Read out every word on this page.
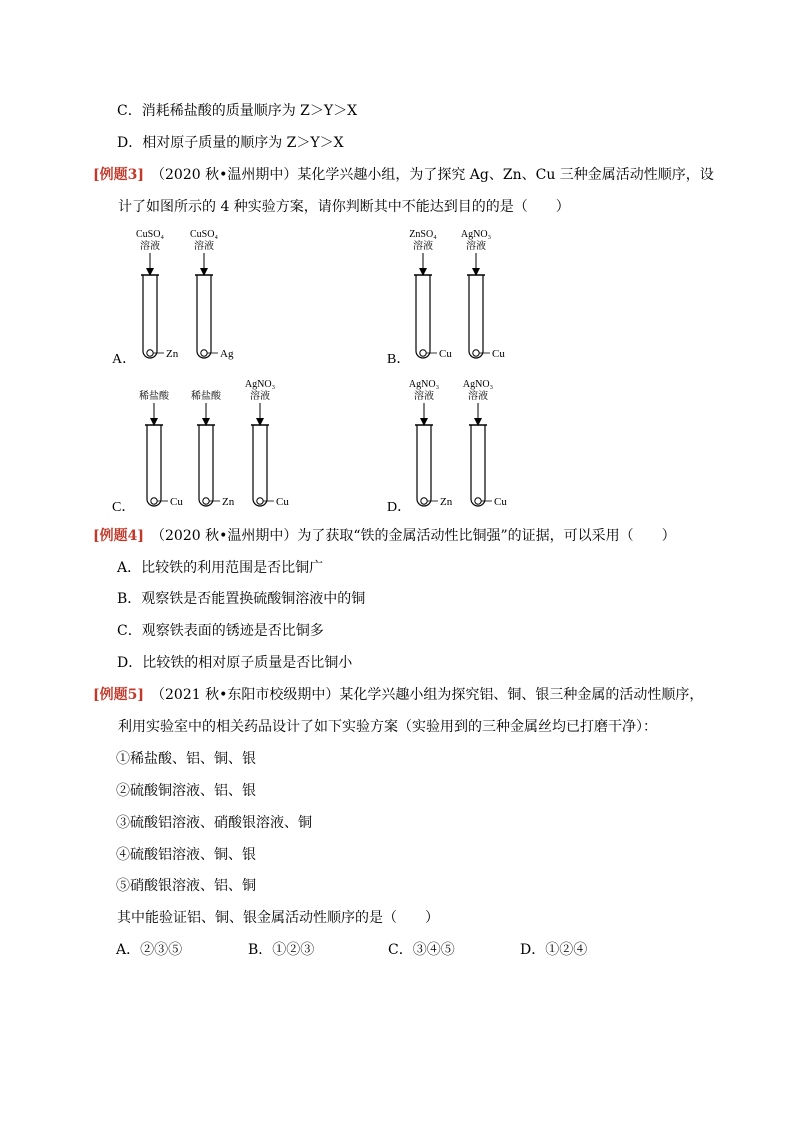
C．消耗稀盐酸的质量顺序为 Z＞Y＞X
D．相对原子质量的顺序为 Z＞Y＞X
[例题3]　 （2020 秋•温州期中）某化学兴趣小组，为了探究 Ag、Zn、Cu 三种金属活动性顺序，设
计了如图所示的 4 种实验方案，请你判断其中不能达到目的的是（　　）
CuSO₄
溶液
Zn
CuSO₄
溶液
Ag
ZnSO₄
溶液
Cu
AgNO₃
溶液
Cu
稀盐酸
Cu
稀盐酸
Zn
AgNO₃
溶液
Cu
AgNO₃
溶液
Zn
AgNO₃
溶液
Cu
A．	B．
C．	D．
[例题4]　 （2020 秋•温州期中）为了获取“铁的金属活动性比铜强”的证据，可以采用（　　）
A．比较铁的利用范围是否比铜广
B．观察铁是否能置换硫酸铜溶液中的铜
C．观察铁表面的锈迹是否比铜多
D．比较铁的相对原子质量是否比铜小
[例题5]　 （2021 秋•东阳市校级期中）某化学兴趣小组为探究铝、铜、银三种金属的活动性顺序，
利用实验室中的相关药品设计了如下实验方案（实验用到的三种金属丝均已打磨干净）：
①稀盐酸、铝、铜、银
②硫酸铜溶液、铝、银
③硫酸铝溶液、硝酸银溶液、铜
④硫酸铝溶液、铜、银
⑤硝酸银溶液、铝、铜
其中能验证铝、铜、银金属活动性顺序的是（　　）
A．②③⑤	B．①②③	C．③④⑤	D．①②④
